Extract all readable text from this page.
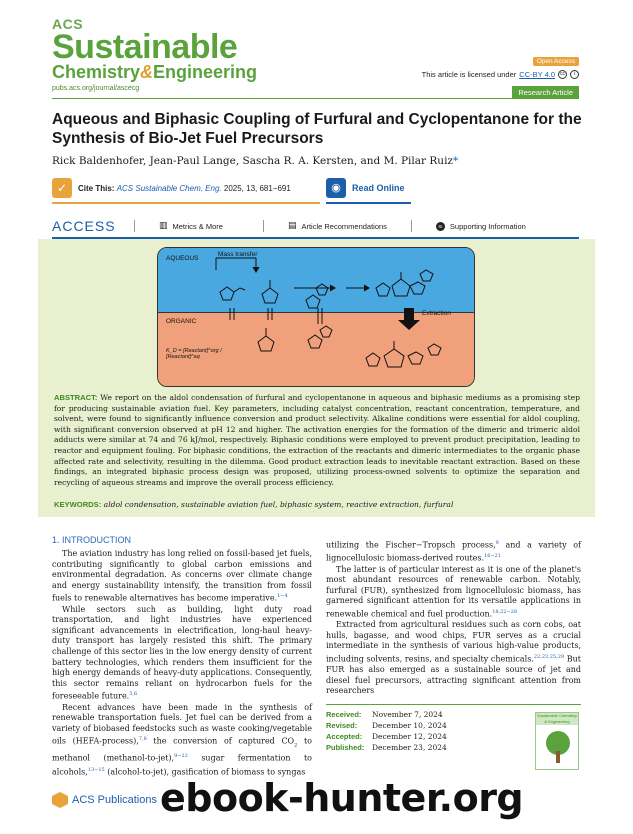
ACS
Sustainable
Chemistry&Engineering
pubs.acs.org/journal/ascecg
Open Access
This article is licensed under CC-BY 4.0	cc	i
Research Article
Aqueous and Biphasic Coupling of Furfural and Cyclopentanone for the Synthesis of Bio-Jet Fuel Precursors
Rick Baldenhofer, Jean-Paul Lange, Sascha R. A. Kersten, and M. Pilar Ruiz*
✓	Cite This: ACS Sustainable Chem. Eng. 2025, 13, 681−691	◉	Read Online
ACCESS	▥ Metrics & More	▤ Article Recommendations	SI Supporting Information
AQUEOUS
Mass transfer
ORGANIC
Extraction
K_D = [Reactant]^org / [Reactant]^aq
ABSTRACT: We report on the aldol condensation of furfural and cyclopentanone in aqueous and biphasic mediums as a promising step for producing sustainable aviation fuel. Key parameters, including catalyst concentration, reactant concentration, temperature, and solvent, were found to significantly influence conversion and product selectivity. Alkaline conditions were essential for aldol coupling, with significant conversion observed at pH 12 and higher. The activation energies for the formation of the dimeric and trimeric aldol adducts were similar at 74 and 76 kJ/mol, respectively. Biphasic conditions were employed to prevent product precipitation, leading to reactor and equipment fouling. For biphasic conditions, the extraction of the reactants and dimeric intermediates to the organic phase affected rate and selectivity, resulting in the dilemma. Good product extraction leads to inevitable reactant extraction. Based on these findings, an integrated biphasic process design was proposed, utilizing process-owned solvents to optimize the separation and recycling of aqueous streams and improve the overall process efficiency.
KEYWORDS: aldol condensation, sustainable aviation fuel, biphasic system, reactive extraction, furfural
1. INTRODUCTION

The aviation industry has long relied on fossil-based jet fuels, contributing significantly to global carbon emissions and environmental degradation. As concerns over climate change and energy sustainability intensify, the transition from fossil fuels to renewable alternatives has become imperative.$^{1-4}$

While sectors such as building, light duty road transportation, and light industries have experienced significant advancements in electrification, long-haul heavy-duty transport has largely resisted this shift. The primary challenge of this sector lies in the low energy density of current battery technologies, which renders them insufficient for the high energy demands of heavy-duty applications. Consequently, this sector remains reliant on hydrocarbon fuels for the foreseeable future.$^{5,6}$

Recent advances have been made in the synthesis of renewable transportation fuels. Jet fuel can be derived from a variety of biobased feedstocks such as waste cooking/vegetable oils (HEFA-process),$^{7,8}$ the conversion of captured $CO_2$ to methanol (methanol-to-jet),$^{9-12}$ sugar fermentation to alcohols,$^{13-15}$ (alcohol-to-jet), gasification of biomass to syngas

utilizing the Fischer−Tropsch process,$^9$ and a variety of lignocellulosic biomass-derived routes.$^{16-21}$

The latter is of particular interest as it is one of the planet's most abundant resources of renewable carbon. Notably, furfural (FUR), synthesized from lignocellulosic biomass, has garnered significant attention for its versatile applications in renewable chemical and fuel production.$^{18,22-28}$

Extracted from agricultural residues such as corn cobs, oat hulls, bagasse, and wood chips, FUR serves as a crucial intermediate in the synthesis of various high-value products, including solvents, resins, and specialty chemicals.$^{22,23,25,29}$ But FUR has also emerged as a sustainable source of jet and diesel fuel precursors, attracting significant attention from researchers

Received:	November 7, 2024
Revised:	December 10, 2024
Accepted:	December 12, 2024
Published:	December 23, 2024
Sustainable Chemistry & Engineering
ACS Publications ebook-hunter.org
